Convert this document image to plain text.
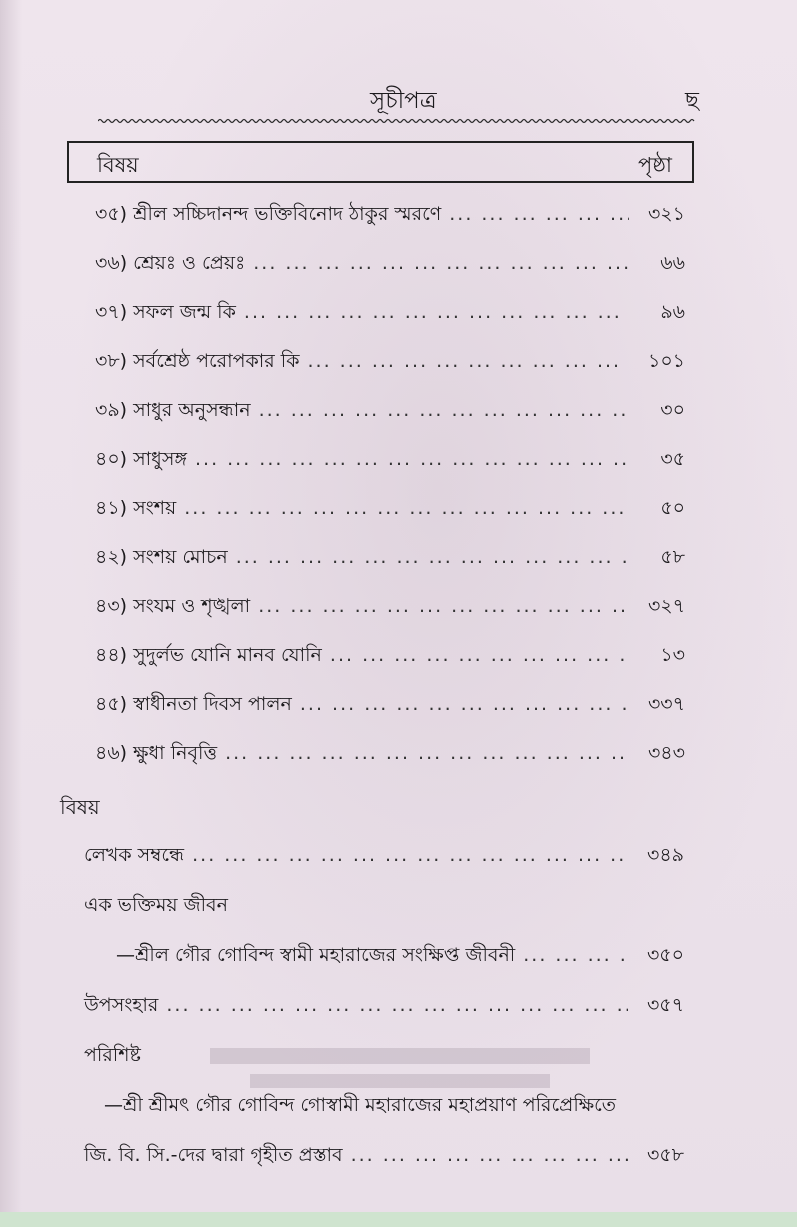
সূচীপত্র	ছ
বিষয়	পৃষ্ঠা
৩৫) শ্রীল সচ্চিদানন্দ ভক্তিবিনোদ ঠাকুর স্মরণে ... .	৩২১
৩৬) শ্রেয়ঃ ও প্রেয়ঃ ... .	৬৬
৩৭) সফল জন্ম কি ... .	৯৬
৩৮) সর্বশ্রেষ্ঠ পরোপকার কি ... .	১০১
৩৯) সাধুর অনুসন্ধান ... .	৩০
৪০) সাধুসঙ্গ ... .	৩৫
৪১) সংশয় ... .	৫০
৪২) সংশয় মোচন ... .	৫৮
৪৩) সংযম ও শৃঙ্খলা ... .	৩২৭
৪৪) সুদুর্লভ যোনি মানব যোনি ... .	১৩
৪৫) স্বাধীনতা দিবস পালন ... .	৩৩৭
৪৬) ক্ষুধা নিবৃত্তি ... .	৩৪৩
বিষয়
লেখক সম্বন্ধে ... .	৩৪৯
এক ভক্তিময় জীবন
—শ্রীল গৌর গোবিন্দ স্বামী মহারাজের সংক্ষিপ্ত জীবনী ... .	৩৫০
উপসংহার ... .	৩৫৭
পরিশিষ্ট
—শ্রী শ্রীমৎ গৌর গোবিন্দ গোস্বামী মহারাজের মহাপ্রয়াণ পরিপ্রেক্ষিতে
জি. বি. সি.-দের দ্বারা গৃহীত প্রস্তাব ... .	৩৫৮
